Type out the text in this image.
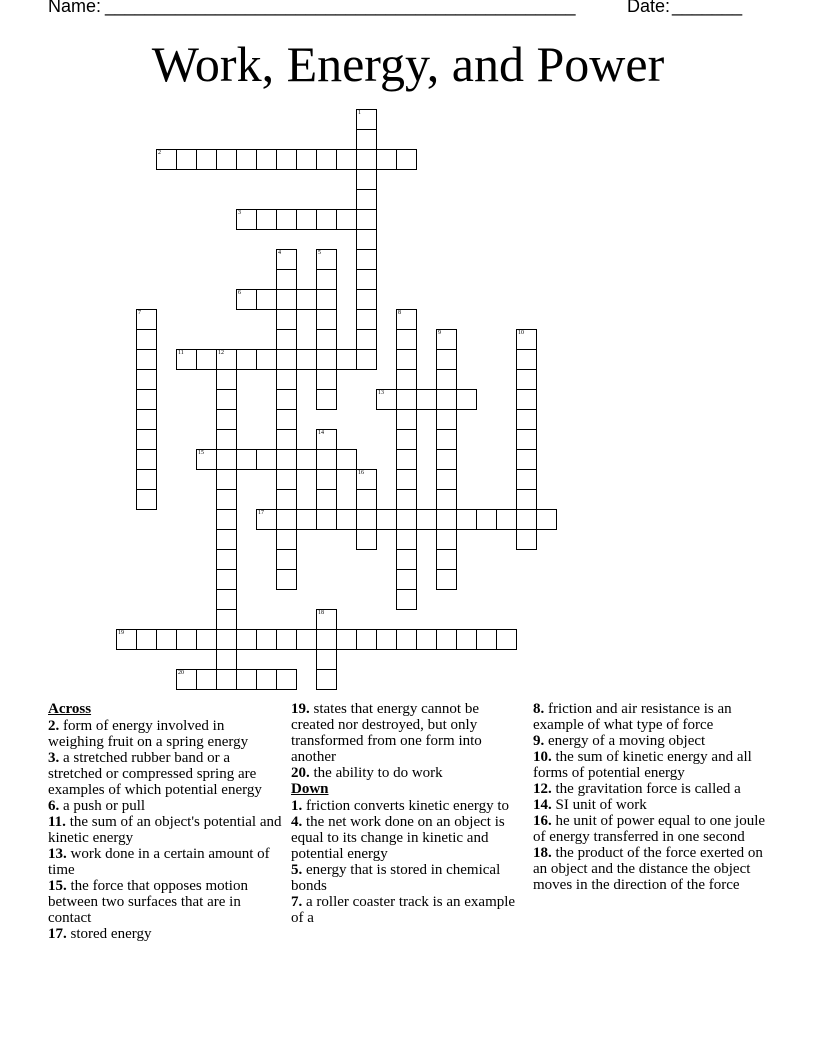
Name: _______________________________________________	Date: _______
Work, Energy, and Power
1
2
3
4	5
6
7	8
9	10
11	12
13
14
15
16
17
18
19
20
Across
2. form of energy involved in weighing fruit on a spring energy
3. a stretched rubber band or a stretched or compressed spring are examples of which potential energy
6. a push or pull
11. the sum of an object's potential and kinetic energy
13. work done in a certain amount of time
15. the force that opposes motion between two surfaces that are in contact
17. stored energy
19. states that energy cannot be created nor destroyed, but only transformed from one form into another
20. the ability to do work
Down
1. friction converts kinetic energy to
4. the net work done on an object is equal to its change in kinetic and potential energy
5. energy that is stored in chemical bonds
7. a roller coaster track is an example of a
8. friction and air resistance is an example of what type of force
9. energy of a moving object
10. the sum of kinetic energy and all forms of potential energy
12. the gravitation force is called a
14. SI unit of work
16. he unit of power equal to one joule of energy transferred in one second
18. the product of the force exerted on an object and the distance the object moves in the direction of the force
